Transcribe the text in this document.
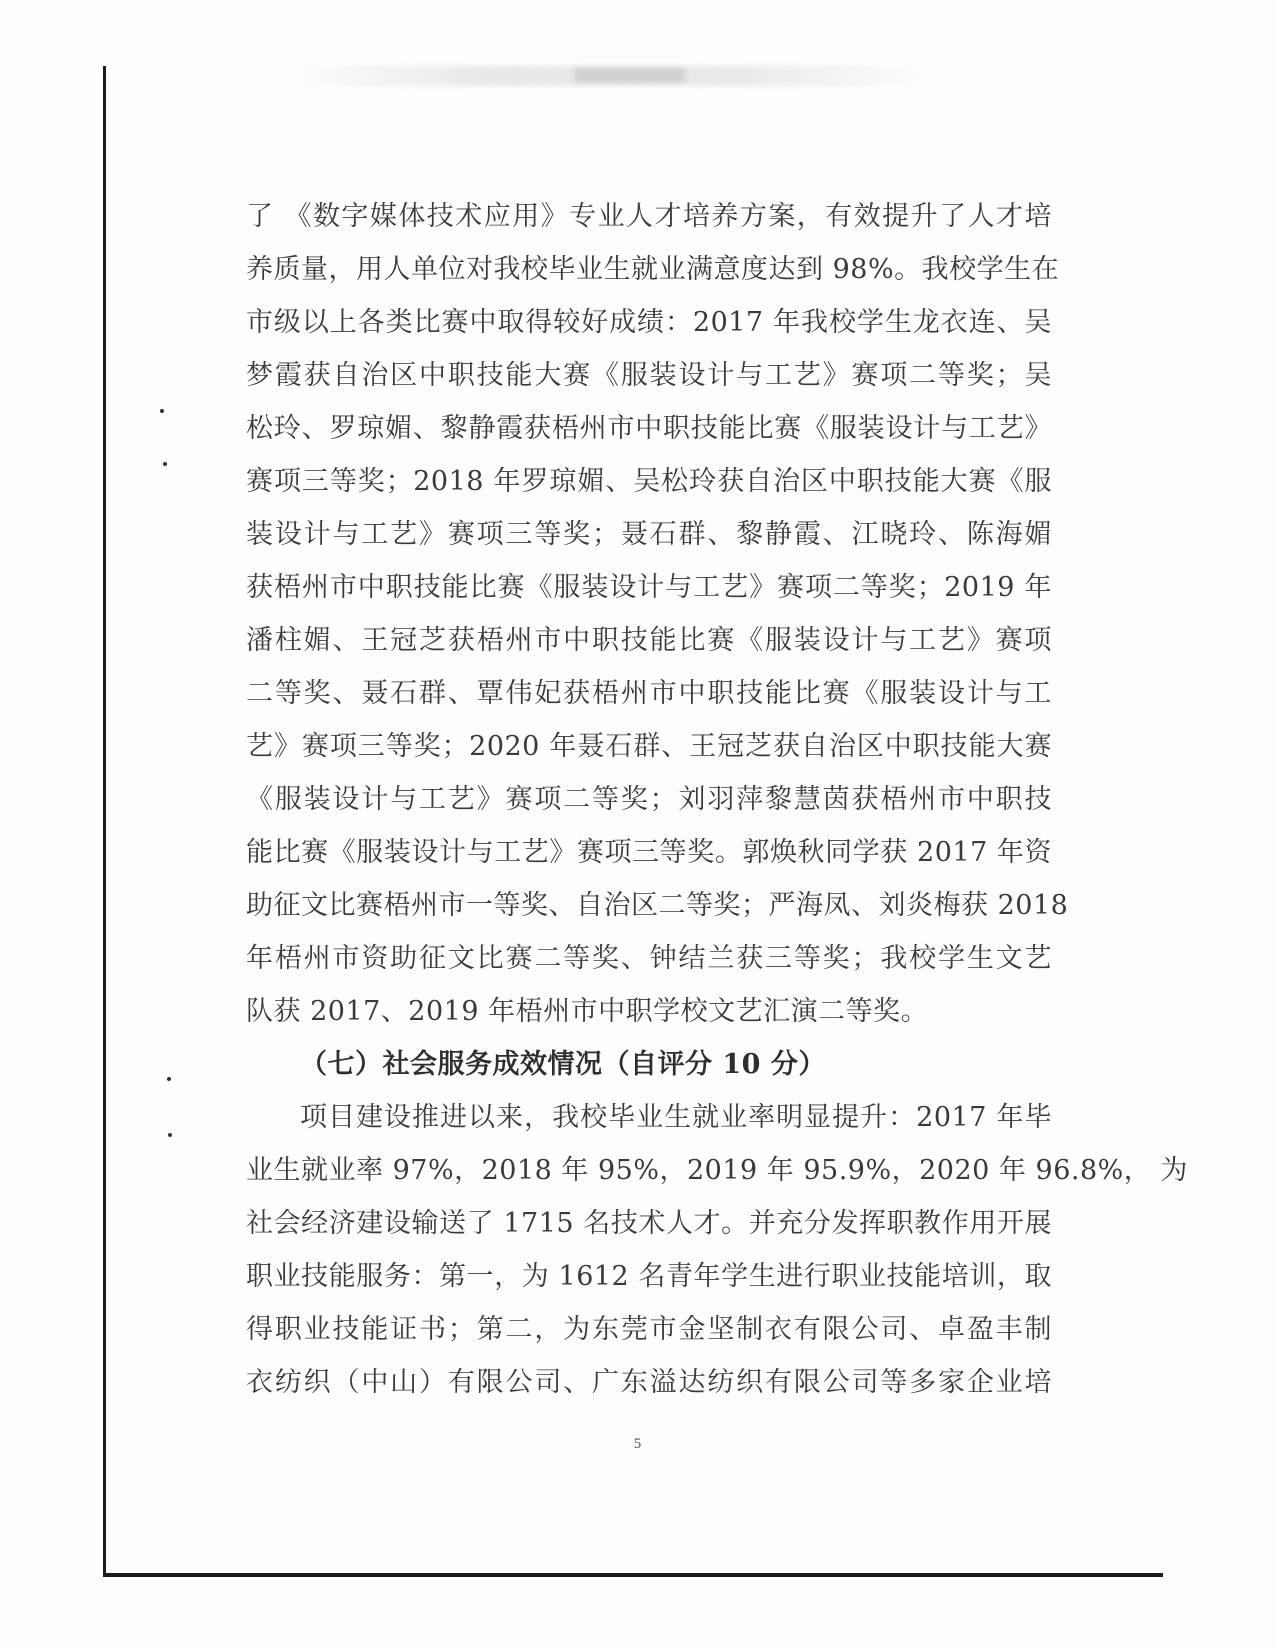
了 《数字媒体技术应用》专业人才培养方案，有效提升了人才培
养质量，用人单位对我校毕业生就业满意度达到 98%。我校学生在
市级以上各类比赛中取得较好成绩：2017 年我校学生龙衣连、吴
梦霞获自治区中职技能大赛《服装设计与工艺》赛项二等奖；吴
松玲、罗琼媚、黎静霞获梧州市中职技能比赛《服装设计与工艺》
赛项三等奖；2018 年罗琼媚、吴松玲获自治区中职技能大赛《服
装设计与工艺》赛项三等奖；聂石群、黎静霞、江晓玲、陈海媚
获梧州市中职技能比赛《服装设计与工艺》赛项二等奖；2019 年
潘柱媚、王冠芝获梧州市中职技能比赛《服装设计与工艺》赛项
二等奖、聂石群、覃伟妃获梧州市中职技能比赛《服装设计与工
艺》赛项三等奖；2020 年聂石群、王冠芝获自治区中职技能大赛
《服装设计与工艺》赛项二等奖；刘羽萍黎慧茵获梧州市中职技
能比赛《服装设计与工艺》赛项三等奖。郭焕秋同学获 2017 年资
助征文比赛梧州市一等奖、自治区二等奖；严海凤、刘炎梅获 2018
年梧州市资助征文比赛二等奖、钟结兰获三等奖；我校学生文艺
队获 2017、2019 年梧州市中职学校文艺汇演二等奖。
（七）社会服务成效情况（自评分 10 分）
项目建设推进以来，我校毕业生就业率明显提升：2017 年毕
业生就业率 97%，2018 年 95%，2019 年 95.9%，2020 年 96.8%， 为
社会经济建设输送了 1715 名技术人才。并充分发挥职教作用开展
职业技能服务：第一，为 1612 名青年学生进行职业技能培训，取
得职业技能证书；第二，为东莞市金坚制衣有限公司、卓盈丰制
衣纺织（中山）有限公司、广东溢达纺织有限公司等多家企业培
5
